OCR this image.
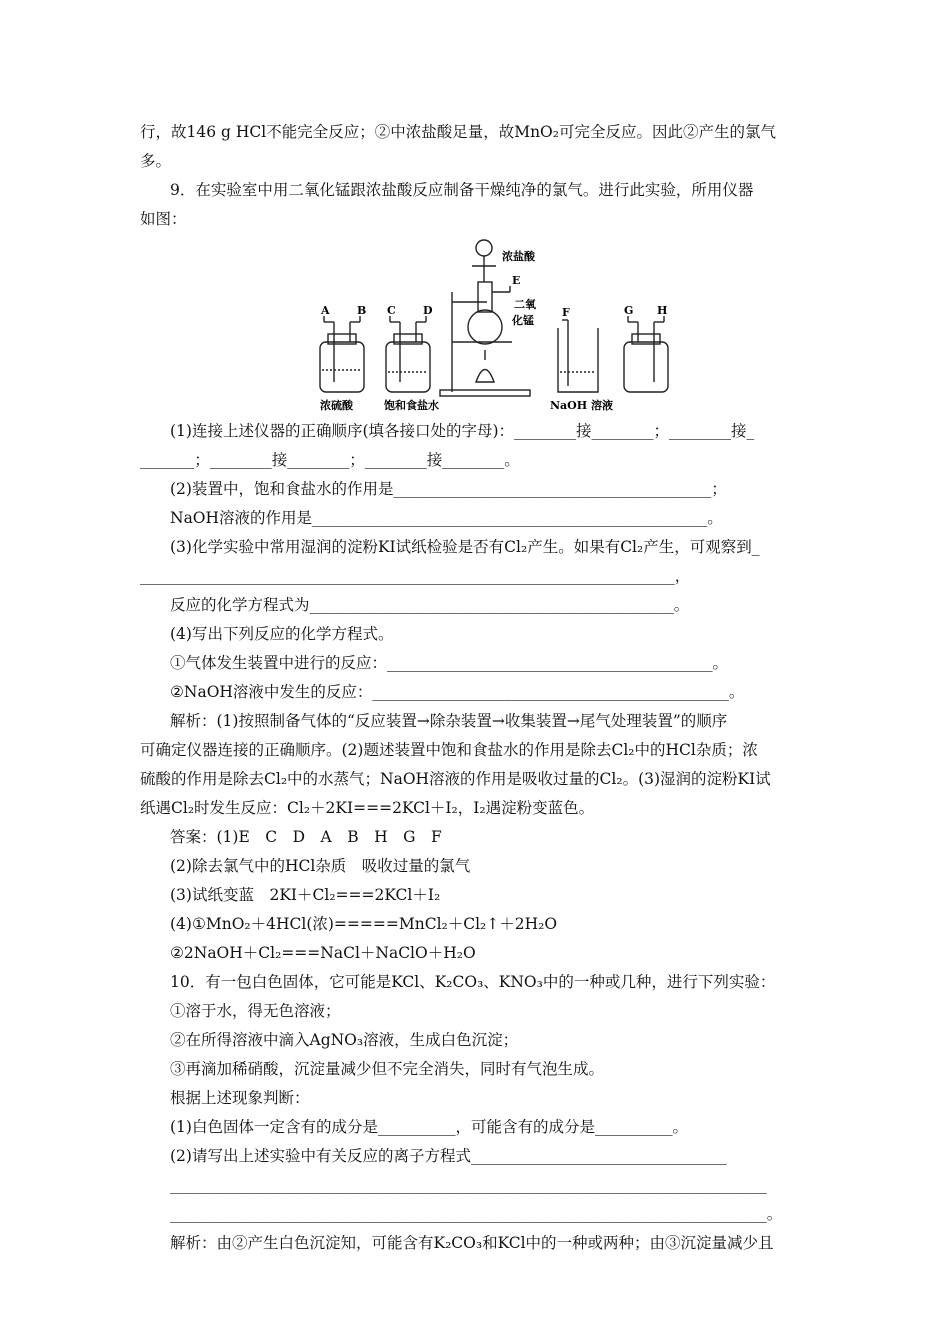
行，故146 g HCl不能完全反应；②中浓盐酸足量，故MnO₂可完全反应。因此②产生的氯气
多。
9．在实验室中用二氧化锰跟浓盐酸反应制备干燥纯净的氯气。进行此实验，所用仪器
如图：
A B C D
E
F	G H
浓盐酸
二氧
化锰
浓硫酸	饱和食盐水	NaOH 溶液
(1)连接上述仪器的正确顺序(填各接口处的字母)：________接________；________接_
_______；________接________；________接________。
(2)装置中，饱和食盐水的作用是_________________________________________；
NaOH溶液的作用是___________________________________________________。
(3)化学实验中常用湿润的淀粉KI试纸检验是否有Cl₂产生。如果有Cl₂产生，可观察到_
_____________________________________________________________________，
反应的化学方程式为_______________________________________________。
(4)写出下列反应的化学方程式。
①气体发生装置中进行的反应：__________________________________________。
②NaOH溶液中发生的反应：______________________________________________。
解析：(1)按照制备气体的“反应装置→除杂装置→收集装置→尾气处理装置”的顺序
可确定仪器连接的正确顺序。(2)题述装置中饱和食盐水的作用是除去Cl₂中的HCl杂质；浓
硫酸的作用是除去Cl₂中的水蒸气；NaOH溶液的作用是吸收过量的Cl₂。(3)湿润的淀粉KI试
纸遇Cl₂时发生反应：Cl₂＋2KI===2KCl＋I₂，I₂遇淀粉变蓝色。
答案：(1)E　C　D　A　B　H　G　F
(2)除去氯气中的HCl杂质　吸收过量的氯气
(3)试纸变蓝　2KI＋Cl₂===2KCl＋I₂
(4)①MnO₂＋4HCl(浓)=====MnCl₂＋Cl₂↑＋2H₂O
②2NaOH＋Cl₂===NaCl＋NaClO＋H₂O
10．有一包白色固体，它可能是KCl、K₂CO₃、KNO₃中的一种或几种，进行下列实验：
①溶于水，得无色溶液；
②在所得溶液中滴入AgNO₃溶液，生成白色沉淀；
③再滴加稀硝酸，沉淀量减少但不完全消失，同时有气泡生成。
根据上述现象判断：
(1)白色固体一定含有的成分是__________，可能含有的成分是__________。
(2)请写出上述实验中有关反应的离子方程式_________________________________
_____________________________________________________________________________
_____________________________________________________________________________。
解析：由②产生白色沉淀知，可能含有K₂CO₃和KCl中的一种或两种；由③沉淀量减少且
